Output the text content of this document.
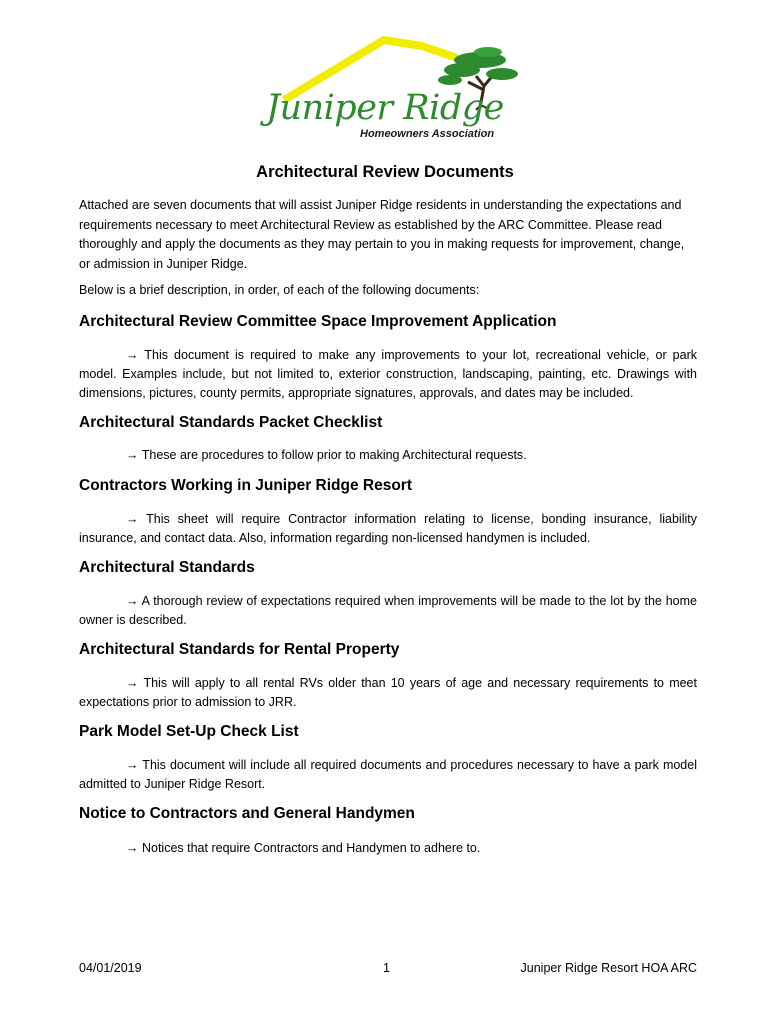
Juniper Ridge
Homeowners Association
Architectural Review Documents

Attached are seven documents that will assist Juniper Ridge residents in understanding the expectations and requirements necessary to meet Architectural Review as established by the ARC Committee. Please read thoroughly and apply the documents as they may pertain to you in making requests for improvement, change, or admission in Juniper Ridge.

Below is a brief description, in order, of each of the following documents:

Architectural Review Committee Space Improvement Application

→ This document is required to make any improvements to your lot, recreational vehicle, or park model. Examples include, but not limited to, exterior construction, landscaping, painting, etc. Drawings with dimensions, pictures, county permits, appropriate signatures, approvals, and dates may be included.

Architectural Standards Packet Checklist

→ These are procedures to follow prior to making Architectural requests.

Contractors Working in Juniper Ridge Resort

→ This sheet will require Contractor information relating to license, bonding insurance, liability insurance, and contact data. Also, information regarding non-licensed handymen is included.

Architectural Standards

→ A thorough review of expectations required when improvements will be made to the lot by the home owner is described.

Architectural Standards for Rental Property

→ This will apply to all rental RVs older than 10 years of age and necessary requirements to meet expectations prior to admission to JRR.

Park Model Set-Up Check List

→ This document will include all required documents and procedures necessary to have a park model admitted to Juniper Ridge Resort.

Notice to Contractors and General Handymen

→ Notices that require Contractors and Handymen to adhere to.

04/01/2019	1	Juniper Ridge Resort HOA ARC
